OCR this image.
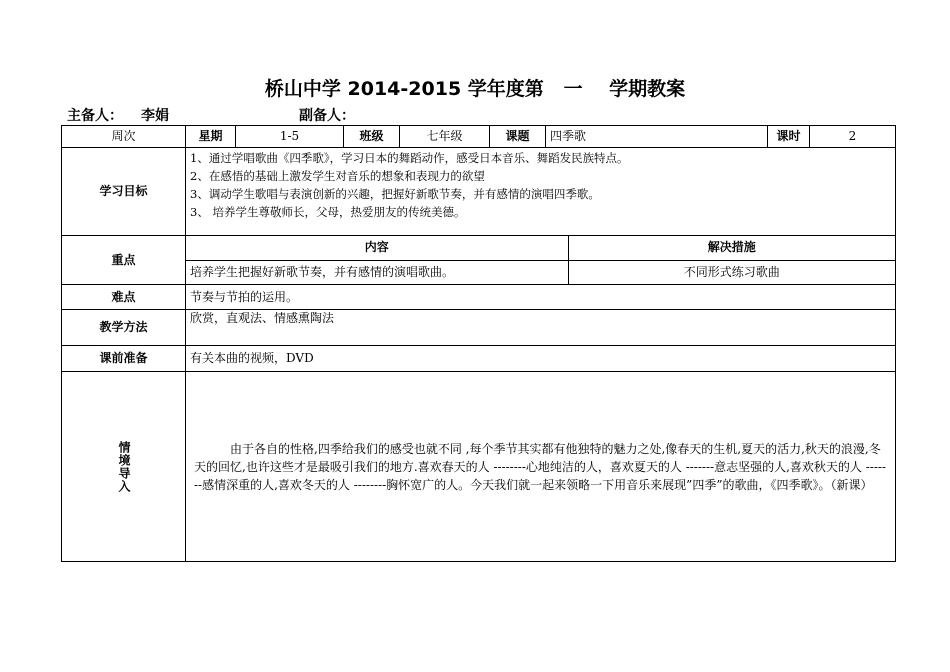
桥山中学 2014-2015 学年度第   一    学期教案
主备人： 李娟	副备人：
周次	星期	1-5	班级	七年级	课题	四季歌	课时	2
学习目标	
1、通过学唱歌曲《四季歌》，学习日本的舞蹈动作，感受日本音乐、舞蹈发民族特点。
2、在感悟的基础上激发学生对音乐的想象和表现力的欲望
3、调动学生歌唱与表演创新的兴趣，把握好新歌节奏，并有感情的演唱四季歌。
3、 培养学生尊敬师长，父母，热爱朋友的传统美德。

重点	
内容	解决措施
培养学生把握好新歌节奏，并有感情的演唱歌曲。	不同形式练习歌曲

难点	节奏与节拍的运用。
教学方法	欣赏，直观法、情感熏陶法
课前准备	有关本曲的视频，DVD

情境导入	由于各自的性格,四季给我们的感受也就不同 ,每个季节其实都有他独特的魅力之处,像春天的生机,夏天的活力,秋天的浪漫,冬天的回忆,也许这些才是最吸引我们的地方.喜欢春天的人 --------心地纯洁的人，喜欢夏天的人 -------意志坚强的人,喜欢秋天的人 -------感情深重的人,喜欢冬天的人 --------胸怀宽广的人。今天我们就一起来领略一下用音乐来展现”四季”的歌曲，《四季歌》。（新课）
